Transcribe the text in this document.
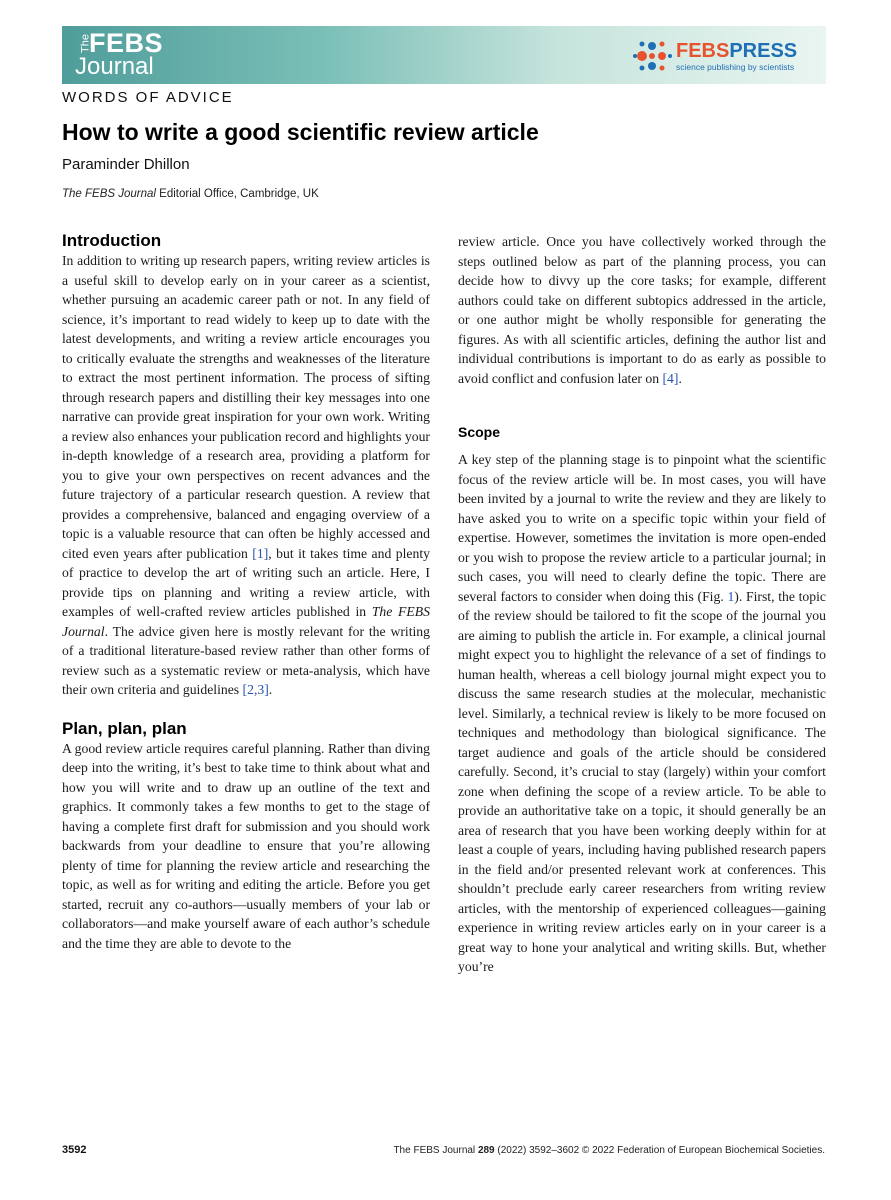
The
FEBS
Journal
FEBSPRESS
science publishing by scientists
WORDS OF ADVICE
How to write a good scientific review article
Paraminder Dhillon
The FEBS Journal Editorial Office, Cambridge, UK
Introduction

In addition to writing up research papers, writing review articles is a useful skill to develop early on in your career as a scientist, whether pursuing an academic career path or not. In any field of science, it’s important to read widely to keep up to date with the latest developments, and writing a review article encourages you to critically evaluate the strengths and weaknesses of the literature to extract the most pertinent information. The process of sifting through research papers and distilling their key messages into one narrative can provide great inspiration for your own work. Writing a review also enhances your publication record and highlights your in-depth knowledge of a research area, providing a platform for you to give your own perspectives on recent advances and the future trajectory of a particular research question. A review that provides a comprehensive, balanced and engaging overview of a topic is a valuable resource that can often be highly accessed and cited even years after publication [1], but it takes time and plenty of practice to develop the art of writing such an article. Here, I provide tips on planning and writing a review article, with examples of well-crafted review articles published in The FEBS Journal. The advice given here is mostly relevant for the writing of a traditional literature-based review rather than other forms of review such as a systematic review or meta-analysis, which have their own criteria and guidelines [2,3].

Plan, plan, plan

A good review article requires careful planning. Rather than diving deep into the writing, it’s best to take time to think about what and how you will write and to draw up an outline of the text and graphics. It commonly takes a few months to get to the stage of having a complete first draft for submission and you should work backwards from your deadline to ensure that you’re allowing plenty of time for planning the review article and researching the topic, as well as for writing and editing the article. Before you get started, recruit any co-authors—usually members of your lab or collaborators—and make yourself aware of each author’s schedule and the time they are able to devote to the

review article. Once you have collectively worked through the steps outlined below as part of the planning process, you can decide how to divvy up the core tasks; for example, different authors could take on different subtopics addressed in the article, or one author might be wholly responsible for generating the figures. As with all scientific articles, defining the author list and individual contributions is important to do as early as possible to avoid conflict and confusion later on [4].

Scope

A key step of the planning stage is to pinpoint what the scientific focus of the review article will be. In most cases, you will have been invited by a journal to write the review and they are likely to have asked you to write on a specific topic within your field of expertise. However, sometimes the invitation is more open-ended or you wish to propose the review article to a particular journal; in such cases, you will need to clearly define the topic. There are several factors to consider when doing this (Fig. 1). First, the topic of the review should be tailored to fit the scope of the journal you are aiming to publish the article in. For example, a clinical journal might expect you to highlight the relevance of a set of findings to human health, whereas a cell biology journal might expect you to discuss the same research studies at the molecular, mechanistic level. Similarly, a technical review is likely to be more focused on techniques and methodology than biological significance. The target audience and goals of the article should be considered carefully. Second, it’s crucial to stay (largely) within your comfort zone when defining the scope of a review article. To be able to provide an authoritative take on a topic, it should generally be an area of research that you have been working deeply within for at least a couple of years, including having published research papers in the field and/or presented relevant work at conferences. This shouldn’t preclude early career researchers from writing review articles, with the mentorship of experienced colleagues—gaining experience in writing review articles early on in your career is a great way to hone your analytical and writing skills. But, whether you’re

3592	The FEBS Journal 289 (2022) 3592–3602 © 2022 Federation of European Biochemical Societies.
